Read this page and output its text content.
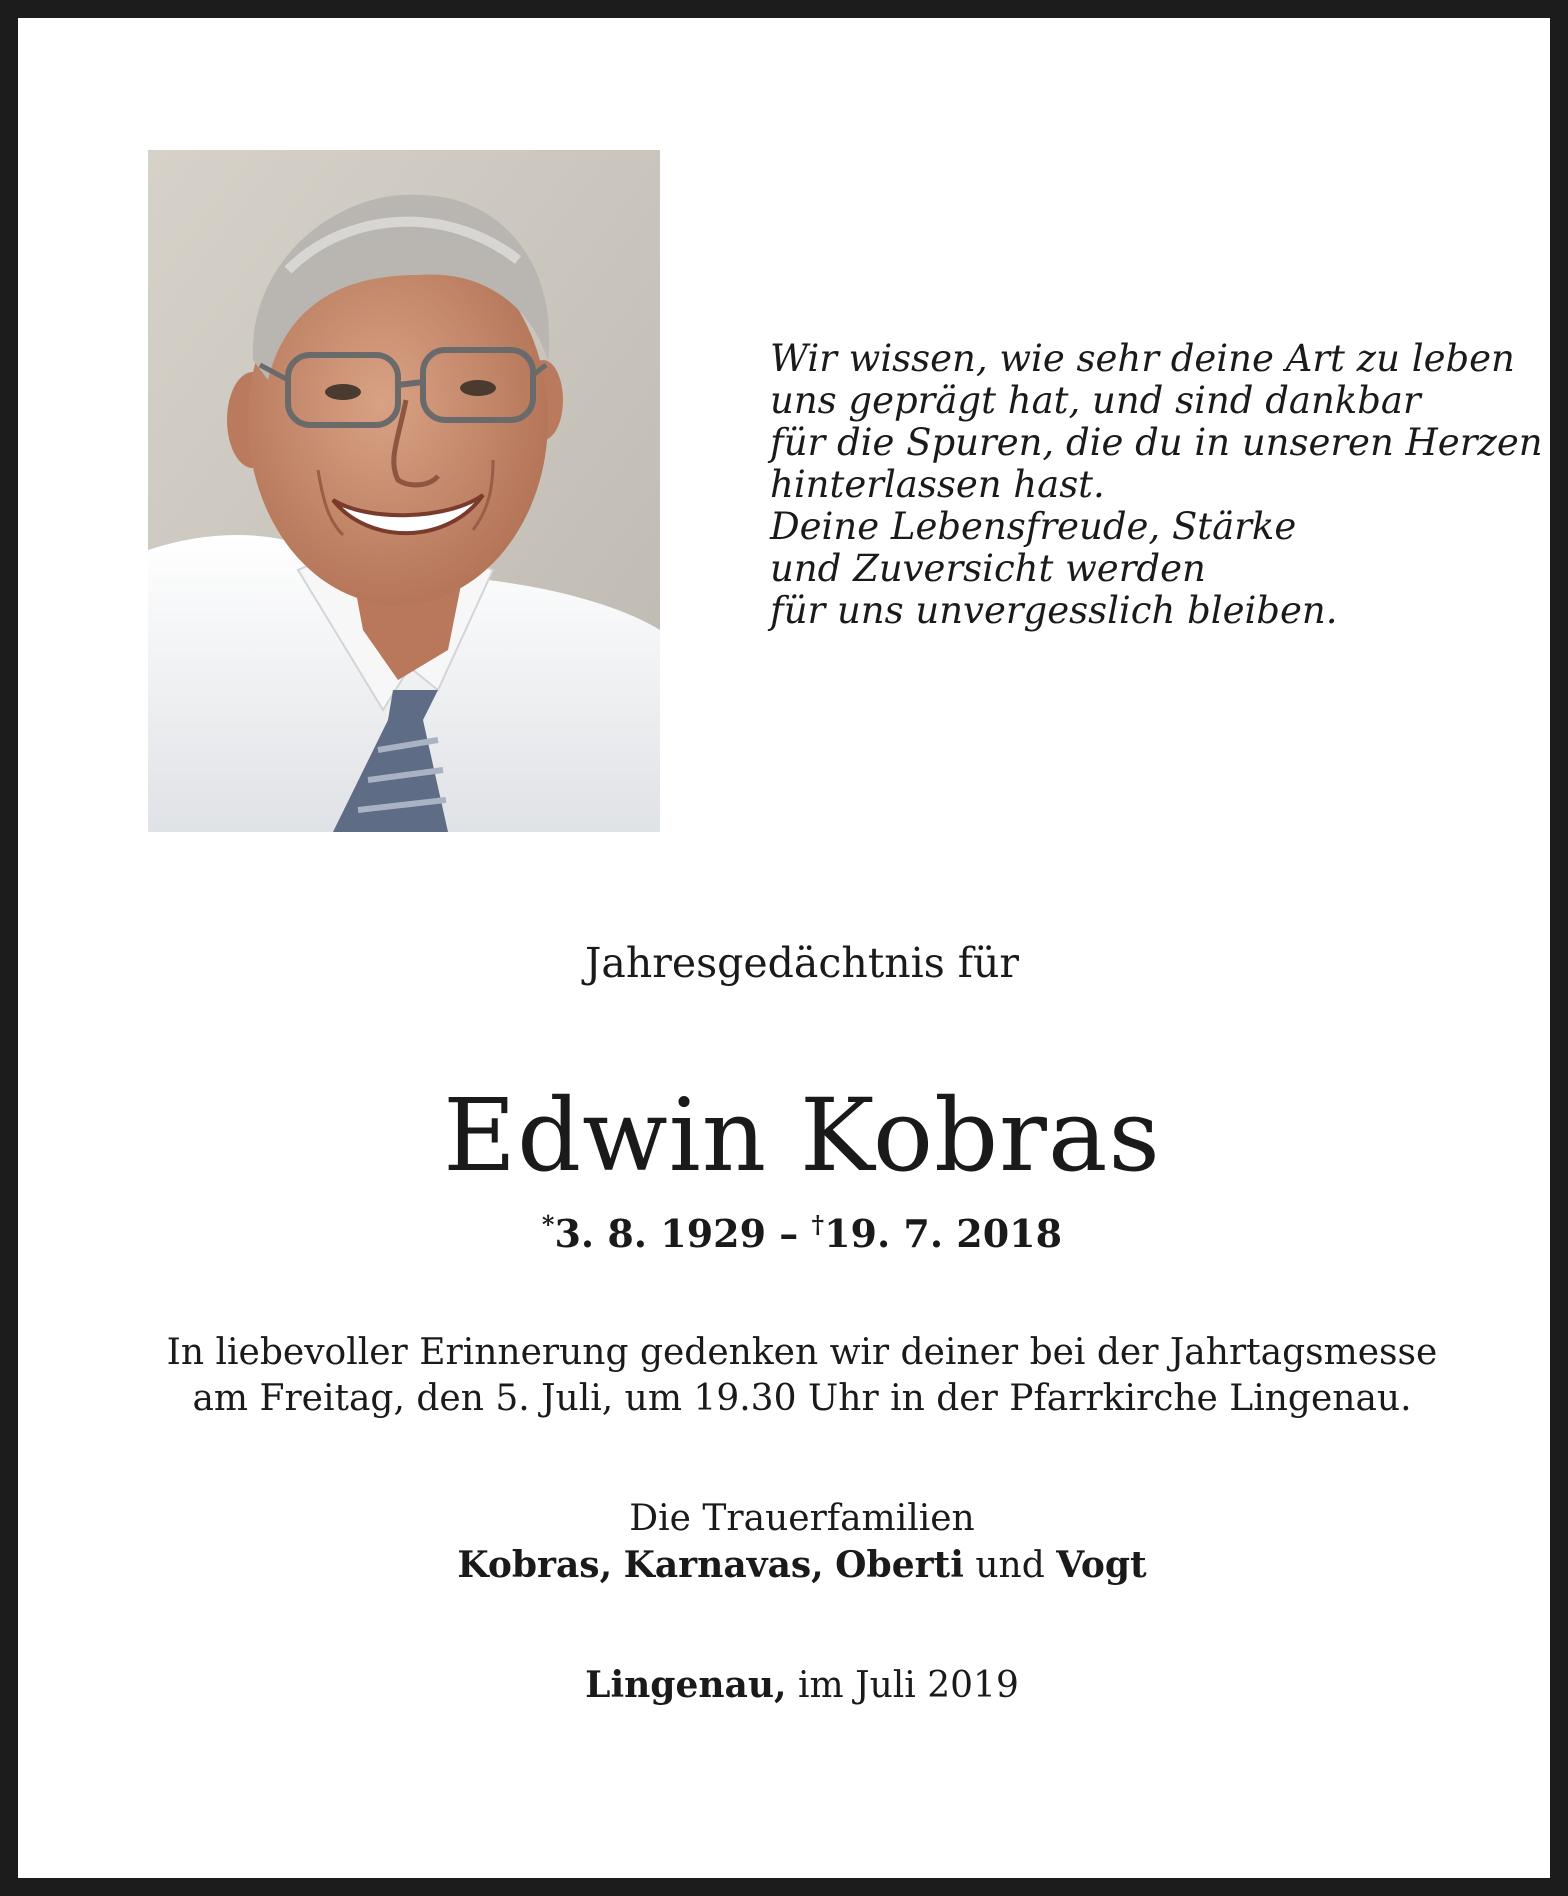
Wir wissen, wie sehr deine Art zu leben
uns geprägt hat, und sind dankbar
für die Spuren, die du in unseren Herzen
hinterlassen hast.
Deine Lebensfreude, Stärke
und Zuversicht werden
für uns unvergesslich bleiben.
Jahresgedächtnis für
Edwin Kobras
*3. 8. 1929 – †19. 7. 2018
In liebevoller Erinnerung gedenken wir deiner bei der Jahrtagsmesse
am Freitag, den 5. Juli, um 19.30 Uhr in der Pfarrkirche Lingenau.
Die Trauerfamilien
Kobras, Karnavas, Oberti und Vogt
Lingenau, im Juli 2019
